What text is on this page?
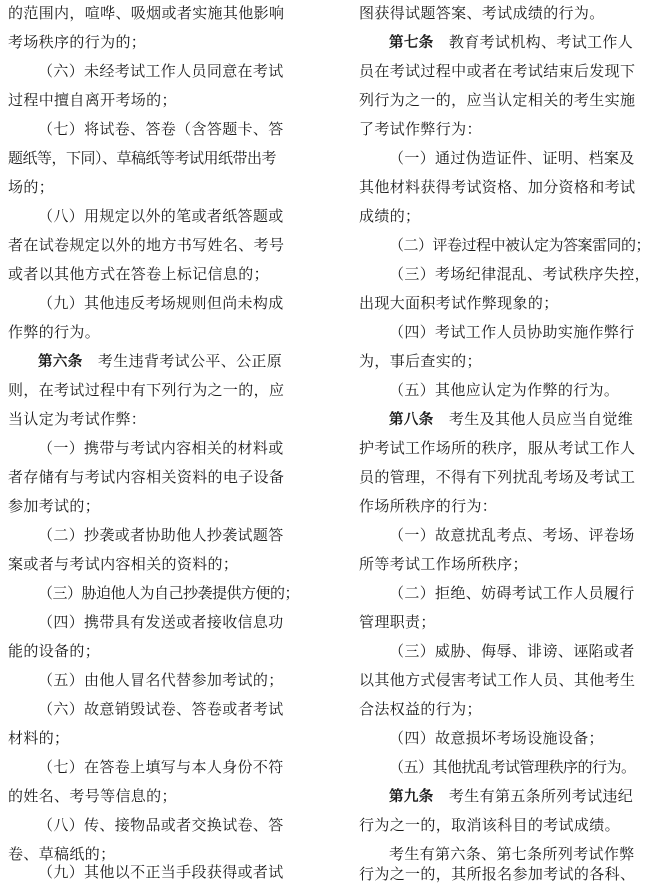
的范围内，喧哗、吸烟或者实施其他影响
考场秩序的行为的；
（六）未经考试工作人员同意在考试
过程中擅自离开考场的；
（七）将试卷、答卷（含答题卡、答
题纸等，下同）、草稿纸等考试用纸带出考
场的；
（八）用规定以外的笔或者纸答题或
者在试卷规定以外的地方书写姓名、考号
或者以其他方式在答卷上标记信息的；
（九）其他违反考场规则但尚未构成
作弊的行为。
第六条　考生违背考试公平、公正原
则，在考试过程中有下列行为之一的，应
当认定为考试作弊：
（一）携带与考试内容相关的材料或
者存储有与考试内容相关资料的电子设备
参加考试的；
（二）抄袭或者协助他人抄袭试题答
案或者与考试内容相关的资料的；
（三）胁迫他人为自己抄袭提供方便的；
（四）携带具有发送或者接收信息功
能的设备的；
（五）由他人冒名代替参加考试的；
（六）故意销毁试卷、答卷或者考试
材料的；
（七）在答卷上填写与本人身份不符
的姓名、考号等信息的；
（八）传、接物品或者交换试卷、答
卷、草稿纸的；
（九）其他以不正当手段获得或者试
图获得试题答案、考试成绩的行为。
第七条　教育考试机构、考试工作人
员在考试过程中或者在考试结束后发现下
列行为之一的，应当认定相关的考生实施
了考试作弊行为：
（一）通过伪造证件、证明、档案及
其他材料获得考试资格、加分资格和考试
成绩的；
（二）评卷过程中被认定为答案雷同的；
（三）考场纪律混乱、考试秩序失控，
出现大面积考试作弊现象的；
（四）考试工作人员协助实施作弊行
为，事后查实的；
（五）其他应认定为作弊的行为。
第八条　考生及其他人员应当自觉维
护考试工作场所的秩序，服从考试工作人
员的管理，不得有下列扰乱考场及考试工
作场所秩序的行为：
（一）故意扰乱考点、考场、评卷场
所等考试工作场所秩序；
（二）拒绝、妨碍考试工作人员履行
管理职责；
（三）威胁、侮辱、诽谤、诬陷或者
以其他方式侵害考试工作人员、其他考生
合法权益的行为；
（四）故意损坏考场设施设备；
（五）其他扰乱考试管理秩序的行为。
第九条　考生有第五条所列考试违纪
行为之一的，取消该科目的考试成绩。
考生有第六条、第七条所列考试作弊
行为之一的，其所报名参加考试的各科、
